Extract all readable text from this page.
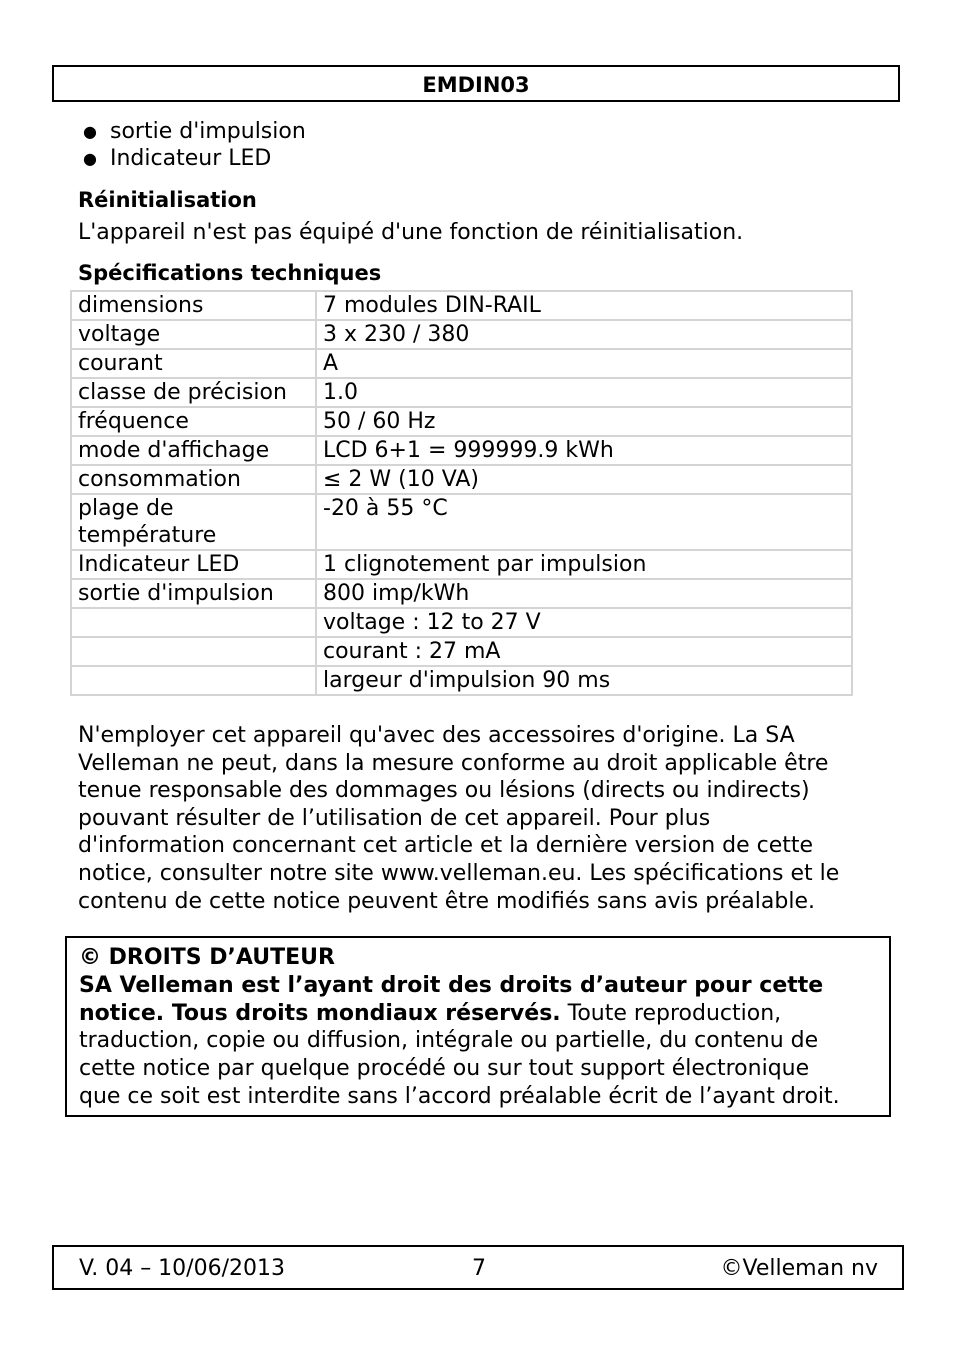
EMDIN03
● sortie d'impulsion
● Indicateur LED
Réinitialisation
L'appareil n'est pas équipé d'une fonction de réinitialisation.
Spécifications techniques
dimensions	7 modules DIN-RAIL
voltage	3 x 230 / 380
courant	A
classe de précision	1.0
fréquence	50 / 60 Hz
mode d'affichage	LCD 6+1 = 999999.9 kWh
consommation	≤ 2 W (10 VA)
plage de température	-20 à 55 °C
Indicateur LED	1 clignotement par impulsion
sortie d'impulsion	800 imp/kWh
	voltage : 12 to 27 V
	courant : 27 mA
	largeur d'impulsion 90 ms

N'employer cet appareil qu'avec des accessoires d'origine. La SA
Velleman ne peut, dans la mesure conforme au droit applicable être
tenue responsable des dommages ou lésions (directs ou indirects)
pouvant résulter de l’utilisation de cet appareil. Pour plus
d'information concernant cet article et la dernière version de cette
notice, consulter notre site www.velleman.eu. Les spécifications et le
contenu de cette notice peuvent être modifiés sans avis préalable.

© DROITS D’AUTEUR
SA Velleman est l’ayant droit des droits d’auteur pour cette
notice. Tous droits mondiaux réservés. Toute reproduction,
traduction, copie ou diffusion, intégrale ou partielle, du contenu de
cette notice par quelque procédé ou sur tout support électronique
que ce soit est interdite sans l’accord préalable écrit de l’ayant droit.
V. 04 – 10/06/2013	7	©Velleman nv
